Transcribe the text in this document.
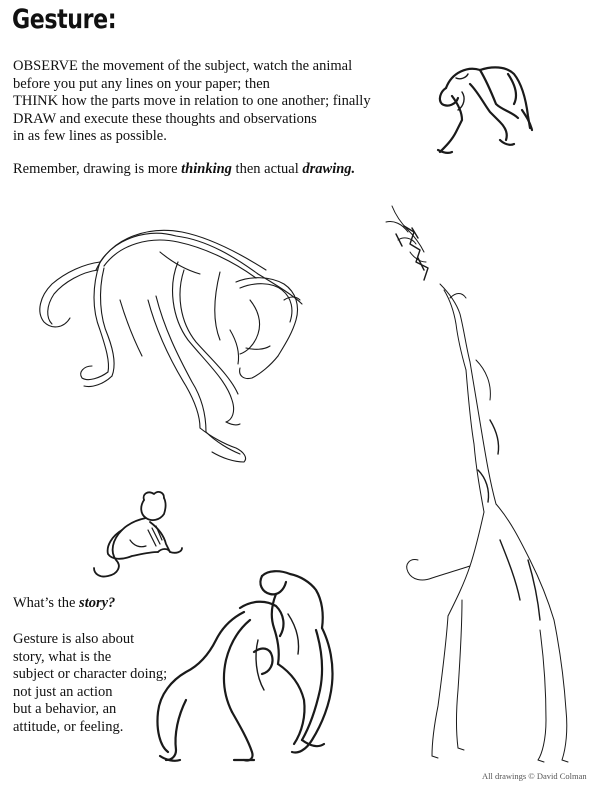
Gesture:

OBSERVE the movement of the subject, watch the animal

before you put any lines on your paper; then

THINK how the parts move in relation to one another; finally

DRAW and execute these thoughts and observations

in as few lines as possible.

Remember, drawing is more thinking then actual drawing.
What’s the story?
Gesture is also about
story, what is the
subject or character doing;
not just an action
but a behavior, an
attitude, or feeling.
All drawings © David Colman
